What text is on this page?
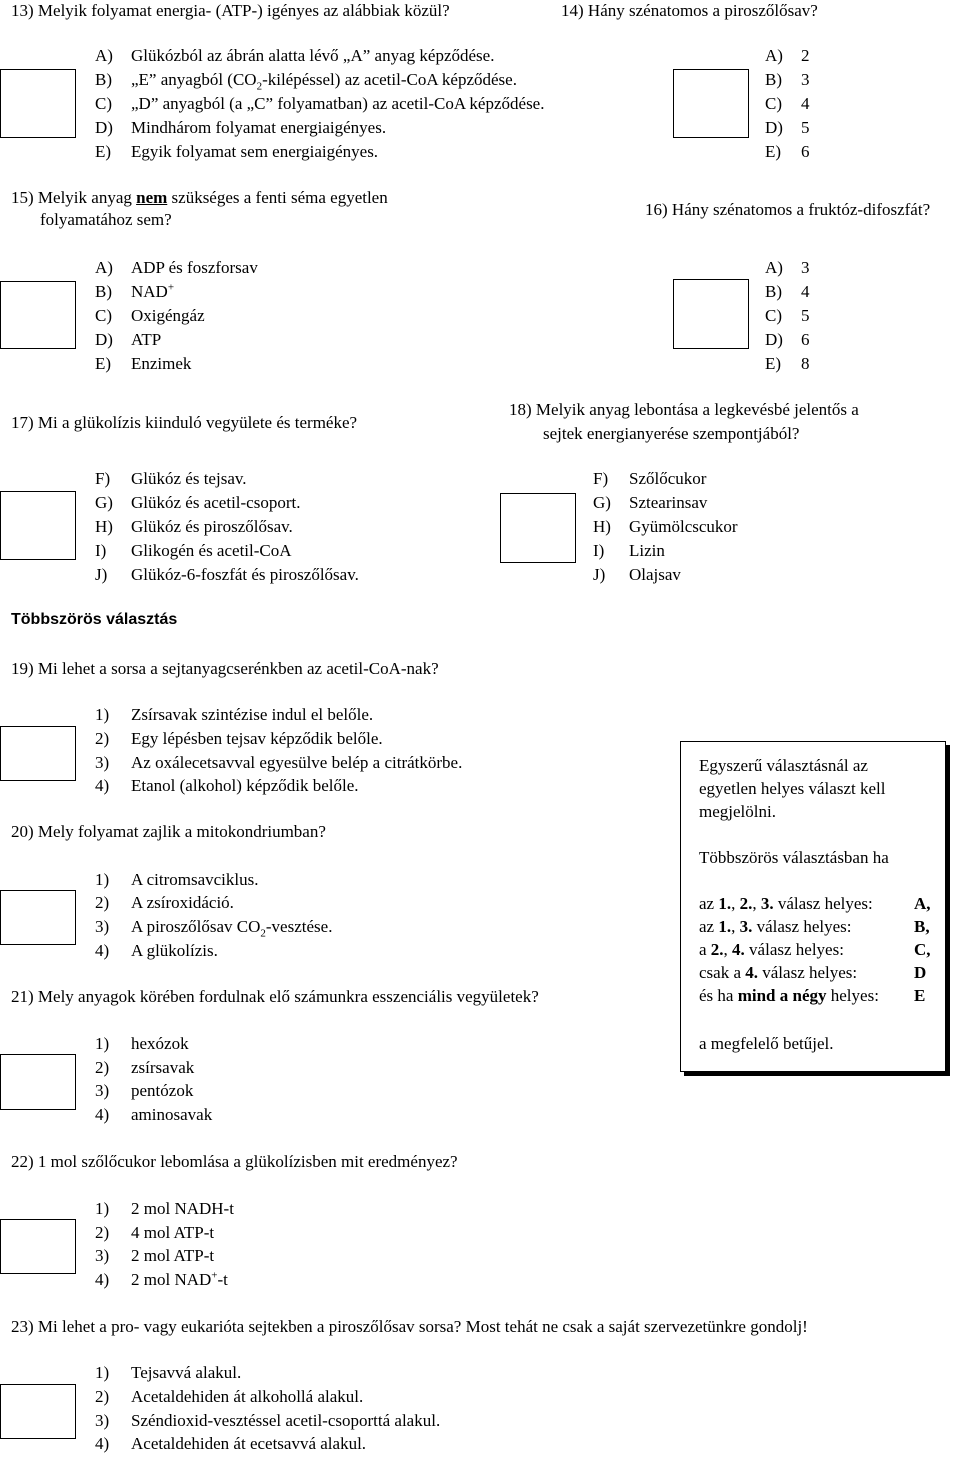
13) Melyik folyamat energia- (ATP-) igényes az alábbiak közül?
A) Glükózból az ábrán alatta lévő „A” anyag képződése.
B) „E” anyagból $(CO_2-kilépéssel)$ az acetil-CoA képződése.
C) „D” anyagból (a „C” folyamatban) az acetil-CoA képződése.
D) Mindhárom folyamat energiaigényes.
E) Egyik folyamat sem energiaigényes.
14) Hány szénatomos a piroszőlősav?
A) 2
B) 3
C) 4
D) 5
E) 6
15) Melyik anyag nem szükséges a fenti séma egyetlen
folyamatához sem?
A) ADP és foszforsav
B) NAD+
C) Oxigéngáz
D) ATP
E) Enzimek
16) Hány szénatomos a fruktóz-difoszfát?
A) 3
B) 4
C) 5
D) 6
E) 8
17) Mi a glükolízis kiinduló vegyülete és terméke?
F) Glükóz és tejsav.
G) Glükóz és acetil-csoport.
H) Glükóz és piroszőlősav.
I) Glikogén és acetil-CoA
J) Glükóz-6-foszfát és piroszőlősav.
18) Melyik anyag lebontása a legkevésbé jelentős a
sejtek energianyerése szempontjából?
F) Szőlőcukor
G) Sztearinsav
H) Gyümölcscukor
I) Lizin
J) Olajsav
Többszörös választás
19) Mi lehet a sorsa a sejtanyagcserénkben az acetil-CoA-nak?
1) Zsírsavak szintézise indul el belőle.
2) Egy lépésben tejsav képződik belőle.
3) Az oxálecetsavval egyesülve belép a citrátkörbe.
4) Etanol (alkohol) képződik belőle.
20) Mely folyamat zajlik a mitokondriumban?
1) A citromsavciklus.
2) A zsíroxidáció.
3) A piroszőlősav $CO_2$-vesztése.
4) A glükolízis.
21) Mely anyagok körében fordulnak elő számunkra esszenciális vegyületek?
1) hexózok
2) zsírsavak
3) pentózok
4) aminosavak
22) 1 mol szőlőcukor lebomlása a glükolízisben mit eredményez?
1) 2 mol NADH-t
2) 4 mol ATP-t
3) 2 mol ATP-t
4) 2 mol NAD+-t
23) Mi lehet a pro- vagy eukarióta sejtekben a piroszőlősav sorsa? Most tehát ne csak a saját szervezetünkre gondolj!
1) Tejsavvá alakul.
2) Acetaldehiden át alkohollá alakul.
3) Széndioxid-vesztéssel acetil-csoporttá alakul.
4) Acetaldehiden át ecetsavvá alakul.
Egyszerű választásnál az
egyetlen helyes választ kell
megjelölni.
Többszörös választásban ha
az 1., 2., 3. válasz helyes: A,
az 1., 3. válasz helyes:	B,
a 2., 4. válasz helyes:	C,
csak a 4. válasz helyes:	D
és ha mind a négy helyes: E
a megfelelő betűjel.
